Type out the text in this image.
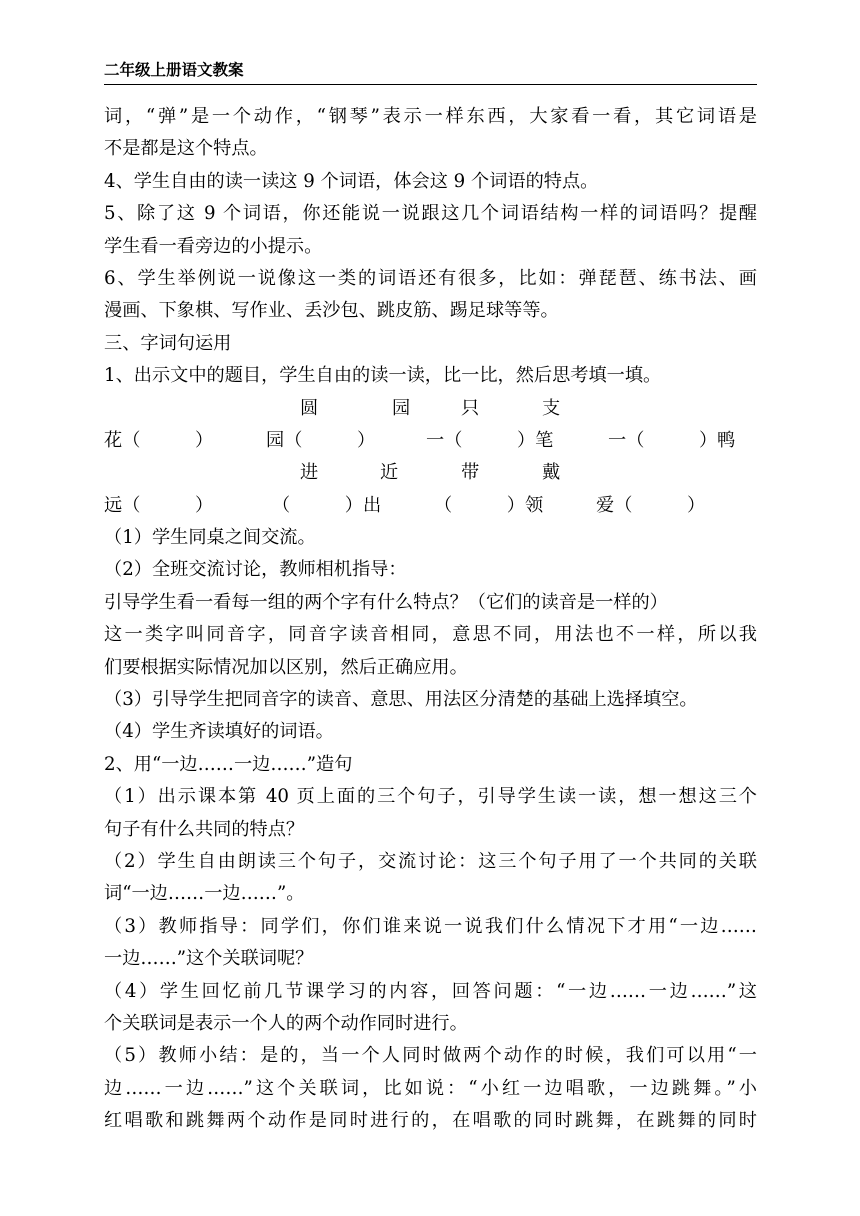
二年级上册语文教案
词，“弹”是一个动作，“钢琴”表示一样东西，大家看一看，其它词语是
不是都是这个特点。
4、学生自由的读一读这 9 个词语，体会这 9 个词语的特点。
5、除了这 9 个词语，你还能说一说跟这几个词语结构一样的词语吗？提醒
学生看一看旁边的小提示。
6、学生举例说一说像这一类的词语还有很多，比如：弹琵琶、练书法、画
漫画、下象棋、写作业、丢沙包、跳皮筋、踢足球等等。
三、字词句运用
1、出示文中的题目，学生自由的读一读，比一比，然后思考填一填。
圆	园	只	支
花（　　　）	园（　　　）	一（　　　）笔	一（　　　）鸭
进	近	带	戴
远（　　　）	（　　　）出	（　　　）领	爱（　　　）
（1）学生同桌之间交流。
（2）全班交流讨论，教师相机指导：
引导学生看一看每一组的两个字有什么特点？（它们的读音是一样的）
这一类字叫同音字，同音字读音相同，意思不同，用法也不一样，所以我
们要根据实际情况加以区别，然后正确应用。
（3）引导学生把同音字的读音、意思、用法区分清楚的基础上选择填空。
（4）学生齐读填好的词语。
2、用“一边……一边……”造句
（1）出示课本第 40 页上面的三个句子，引导学生读一读，想一想这三个
句子有什么共同的特点？
（2）学生自由朗读三个句子，交流讨论：这三个句子用了一个共同的关联
词“一边……一边……”。
（3）教师指导：同学们，你们谁来说一说我们什么情况下才用“一边……
一边……”这个关联词呢？
（4）学生回忆前几节课学习的内容，回答问题：“一边……一边……”这
个关联词是表示一个人的两个动作同时进行。
（5）教师小结：是的，当一个人同时做两个动作的时候，我们可以用“一
边……一边……”这个关联词，比如说：“小红一边唱歌，一边跳舞。”小
红唱歌和跳舞两个动作是同时进行的，在唱歌的同时跳舞，在跳舞的同时
